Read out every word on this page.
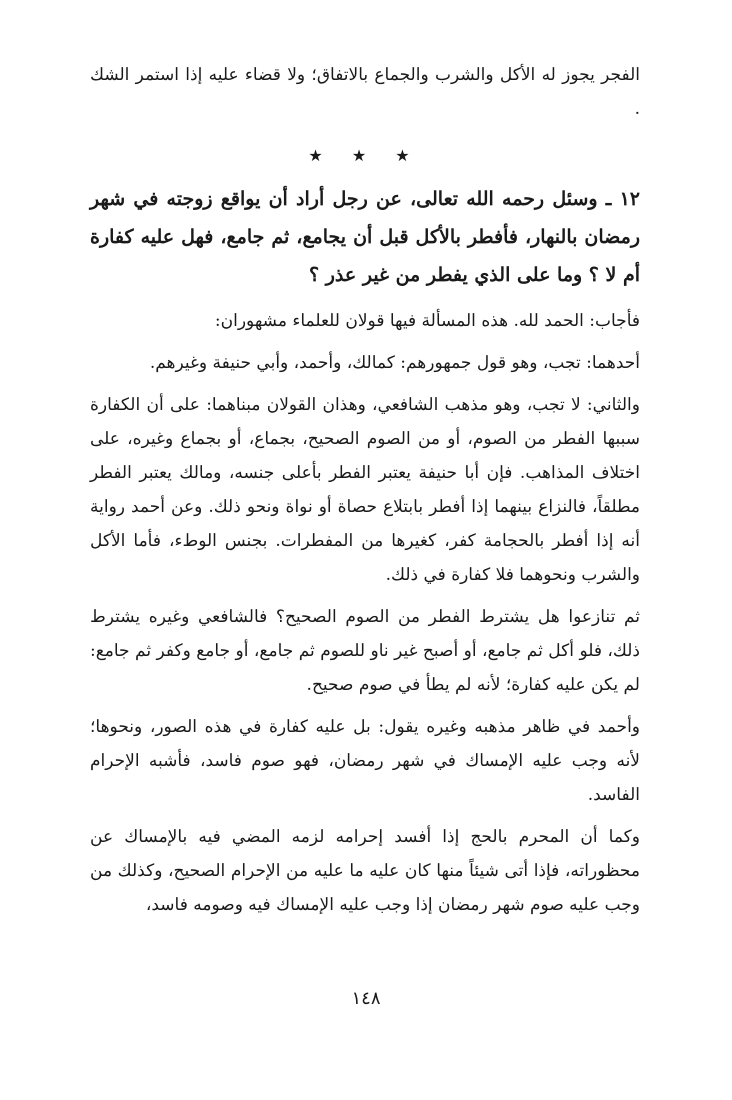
الفجر يجوز له الأكل والشرب والجماع بالاتفاق؛ ولا قضاء عليه إذا استمر الشك .

★ ★ ★

١٢ ـ وسئل رحمه الله تعالى، عن رجل أراد أن يواقع زوجته في شهر رمضان بالنهار، فأفطر بالأكل قبل أن يجامع، ثم جامع، فهل عليه كفارة أم لا ؟ وما على الذي يفطر من غير عذر ؟

فأجاب: الحمد لله. هذه المسألة فيها قولان للعلماء مشهوران:

أحدهما: تجب، وهو قول جمهورهم: كمالك، وأحمد، وأبي حنيفة وغيرهم.

والثاني: لا تجب، وهو مذهب الشافعي، وهذان القولان مبناهما: على أن الكفارة سببها الفطر من الصوم، أو من الصوم الصحيح، بجماع، أو بجماع وغيره، على اختلاف المذاهب. فإن أبا حنيفة يعتبر الفطر بأعلى جنسه، ومالك يعتبر الفطر مطلقاً، فالنزاع بينهما إذا أفطر بابتلاع حصاة أو نواة ونحو ذلك. وعن أحمد رواية أنه إذا أفطر بالحجامة كفر، كغيرها من المفطرات. بجنس الوطء، فأما الأكل والشرب ونحوهما فلا كفارة في ذلك.

ثم تنازعوا هل يشترط الفطر من الصوم الصحيح؟ فالشافعي وغيره يشترط ذلك، فلو أكل ثم جامع، أو أصبح غير ناو للصوم ثم جامع، أو جامع وكفر ثم جامع: لم يكن عليه كفارة؛ لأنه لم يطأ في صوم صحيح.

وأحمد في ظاهر مذهبه وغيره يقول: بل عليه كفارة في هذه الصور، ونحوها؛ لأنه وجب عليه الإمساك في شهر رمضان، فهو صوم فاسد، فأشبه الإحرام الفاسد.

وكما أن المحرم بالحج إذا أفسد إحرامه لزمه المضي فيه بالإمساك عن محظوراته، فإذا أتى شيئاً منها كان عليه ما عليه من الإحرام الصحيح، وكذلك من وجب عليه صوم شهر رمضان إذا وجب عليه الإمساك فيه وصومه فاسد،

١٤٨
